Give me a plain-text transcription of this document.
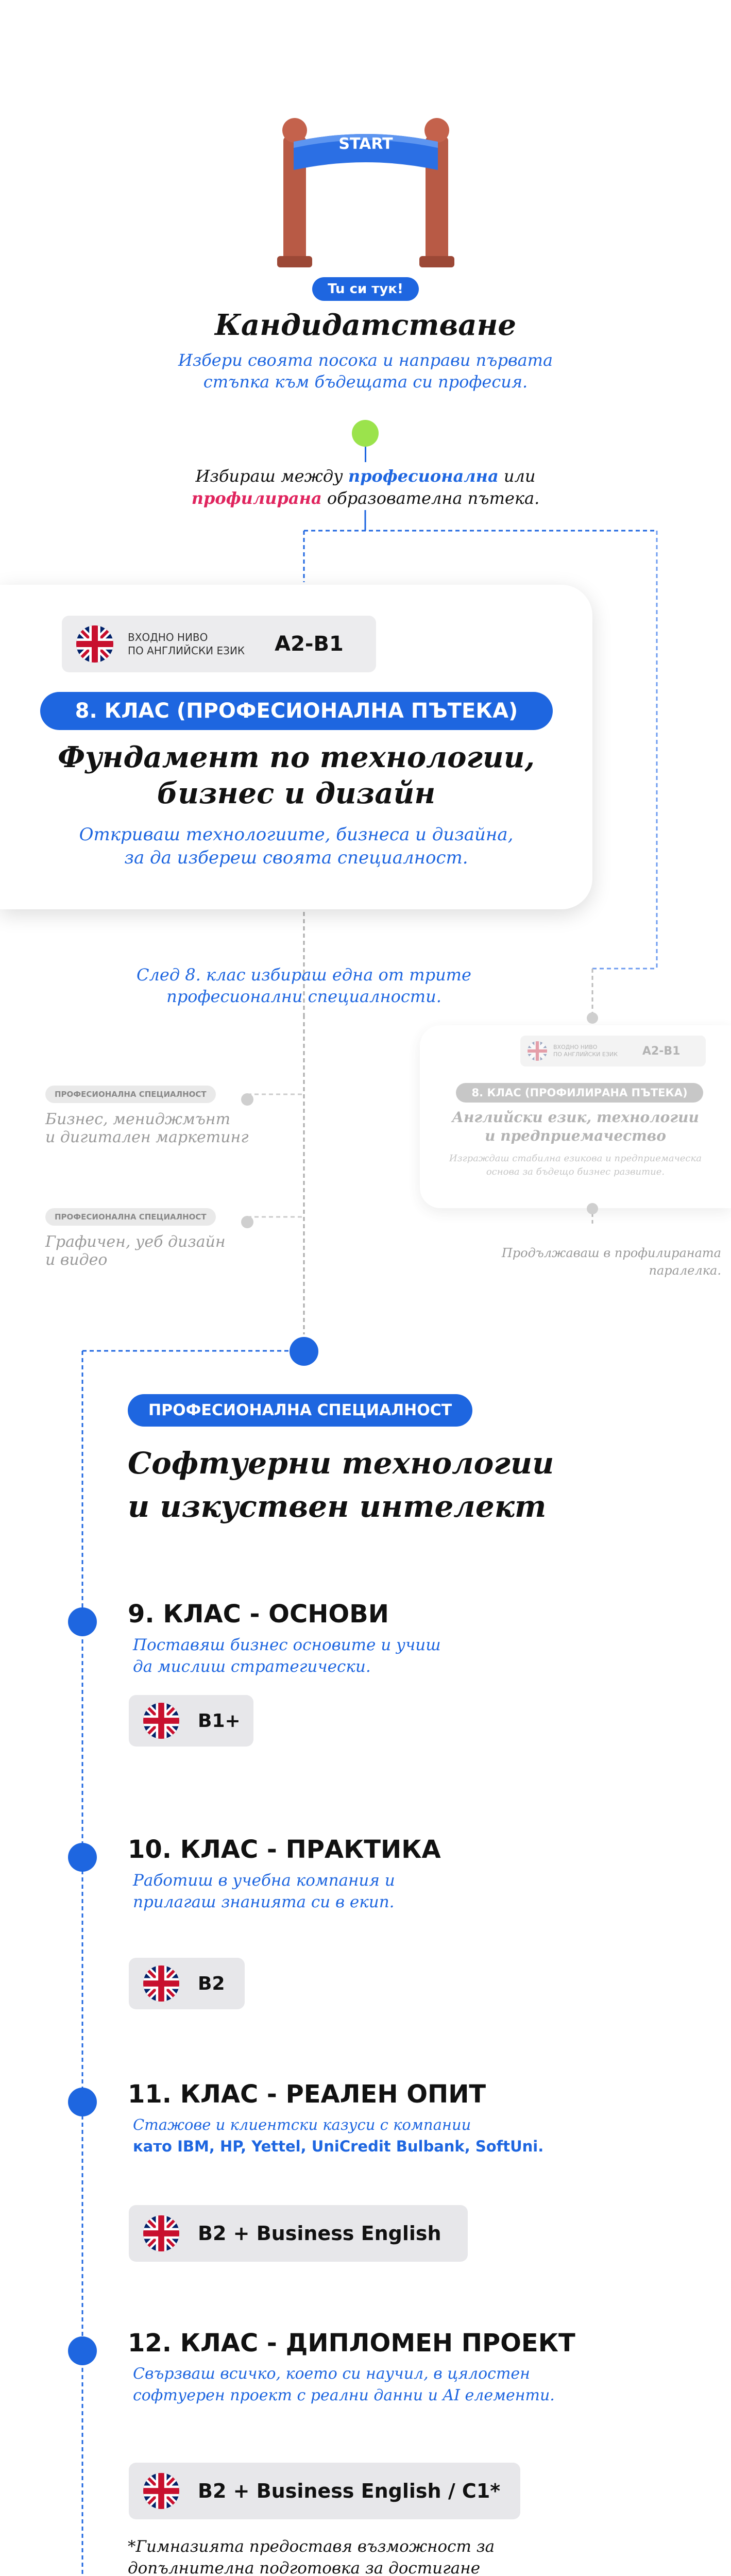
START
Tu си тук!
Кандидатстване
Избери своята посока и направи първата
стъпка към бъдещата си професия.
Избираш между професионална или
профилирана образователна пътека.
ВХОДНО НИВО
ПО АНГЛИЙСКИ ЕЗИК A2-B1
8. КЛАС (ПРОФЕСИОНАЛНА ПЪТЕКА)
Фундамент по технологии,
бизнес и дизайн
Откриваш технологиите, бизнеса и дизайна,
за да избереш своята специалност.
След 8. клас избираш една от трите
професионални специалности.
ПРОФЕСИОНАЛНА СПЕЦИАЛНОСТ
Бизнес, мениджмънт
и дигитален маркетинг
ПРОФЕСИОНАЛНА СПЕЦИАЛНОСТ
Графичен, уеб дизайн
и видео
ВХОДНО НИВО
ПО АНГЛИЙСКИ ЕЗИК A2-B1
8. КЛАС (ПРОФИЛИРАНА ПЪТЕКА)
Английски език, технологии
и предприемачество
Изграждаш стабилна езикова и предприемаческа
основа за бъдещо бизнес развитие.
Продължаваш в профилираната
паралелка.
ПРОФЕСИОНАЛНА СПЕЦИАЛНОСТ
Софтуерни технологии
и изкуствен интелект
9. КЛАС - ОСНОВИ
Поставяш бизнес основите и учиш
да мислиш стратегически.
B1+
10. КЛАС - ПРАКТИКА
Работиш в учебна компания и
прилагаш знанията си в екип.
B2
11. КЛАС - РЕАЛЕН ОПИТ
Стажове и клиентски казуси с компании
като IBM, HP, Yettel, UniCredit Bulbank, SoftUni.
B2 + Business English
12. КЛАС - ДИПЛОМЕН ПРОЕКТ
Свързваш всичко, което си научил, в цялостен
софтуерен проект с реални данни и AI елементи.
B2 + Business English / C1*
*Гимназията предоставя възможност за
допълнителна подготовка за достигане
